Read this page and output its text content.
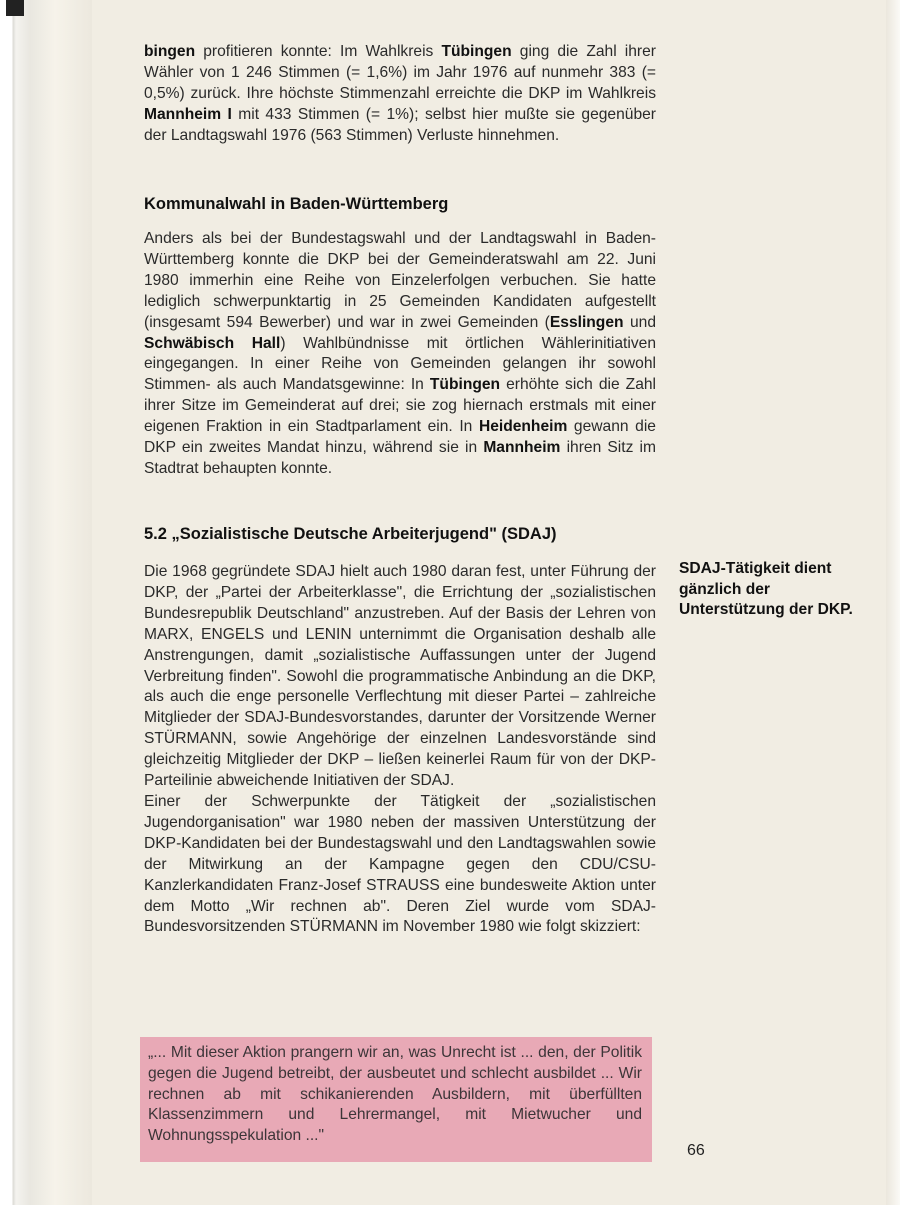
bingen profitieren konnte: Im Wahlkreis Tübingen ging die Zahl ihrer Wähler von 1 246 Stimmen (= 1,6%) im Jahr 1976 auf nunmehr 383 (= 0,5%) zurück. Ihre höchste Stimmenzahl erreichte die DKP im Wahlkreis Mannheim I mit 433 Stimmen (= 1%); selbst hier mußte sie gegenüber der Landtagswahl 1976 (563 Stimmen) Verluste hinnehmen.

Kommunalwahl in Baden-Württemberg

Anders als bei der Bundestagswahl und der Landtagswahl in Baden-Württemberg konnte die DKP bei der Gemeinderatswahl am 22. Juni 1980 immerhin eine Reihe von Einzelerfolgen verbuchen. Sie hatte lediglich schwerpunktartig in 25 Gemeinden Kandidaten aufgestellt (insgesamt 594 Bewerber) und war in zwei Gemeinden (Esslingen und Schwäbisch Hall) Wahlbündnisse mit örtlichen Wählerinitiativen eingegangen. In einer Reihe von Gemeinden gelangen ihr sowohl Stimmen- als auch Mandatsgewinne: In Tübingen erhöhte sich die Zahl ihrer Sitze im Gemeinderat auf drei; sie zog hiernach erstmals mit einer eigenen Fraktion in ein Stadtparlament ein. In Heidenheim gewann die DKP ein zweites Mandat hinzu, während sie in Mannheim ihren Sitz im Stadtrat behaupten konnte.

5.2 „Sozialistische Deutsche Arbeiterjugend" (SDAJ)

Die 1968 gegründete SDAJ hielt auch 1980 daran fest, unter Führung der DKP, der „Partei der Arbeiterklasse", die Errichtung der „sozialistischen Bundesrepublik Deutschland" anzustreben. Auf der Basis der Lehren von MARX, ENGELS und LENIN unternimmt die Organisation deshalb alle Anstrengungen, damit „sozialistische Auffassungen unter der Jugend Verbreitung finden". Sowohl die programmatische Anbindung an die DKP, als auch die enge personelle Verflechtung mit dieser Partei – zahlreiche Mitglieder der SDAJ-Bundesvorstandes, darunter der Vorsitzende Werner STÜRMANN, sowie Angehörige der einzelnen Landesvorstände sind gleichzeitig Mitglieder der DKP – ließen keinerlei Raum für von der DKP-Parteilinie abweichende Initiativen der SDAJ.

Einer der Schwerpunkte der Tätigkeit der „sozialistischen Jugendorganisation" war 1980 neben der massiven Unterstützung der DKP-Kandidaten bei der Bundestagswahl und den Landtagswahlen sowie der Mitwirkung an der Kampagne gegen den CDU/CSU-Kanzlerkandidaten Franz-Josef STRAUSS eine bundesweite Aktion unter dem Motto „Wir rechnen ab". Deren Ziel wurde vom SDAJ-Bundesvorsitzenden STÜRMANN im November 1980 wie folgt skizziert:

SDAJ-Tätigkeit dient gänzlich der Unterstützung der DKP.
„... Mit dieser Aktion prangern wir an, was Unrecht ist ... den, der Politik gegen die Jugend betreibt, der ausbeutet und schlecht ausbildet ... Wir rechnen ab mit schikanierenden Ausbildern, mit überfüllten Klassenzimmern und Lehrermangel, mit Mietwucher und Wohnungsspekulation ..."
66
